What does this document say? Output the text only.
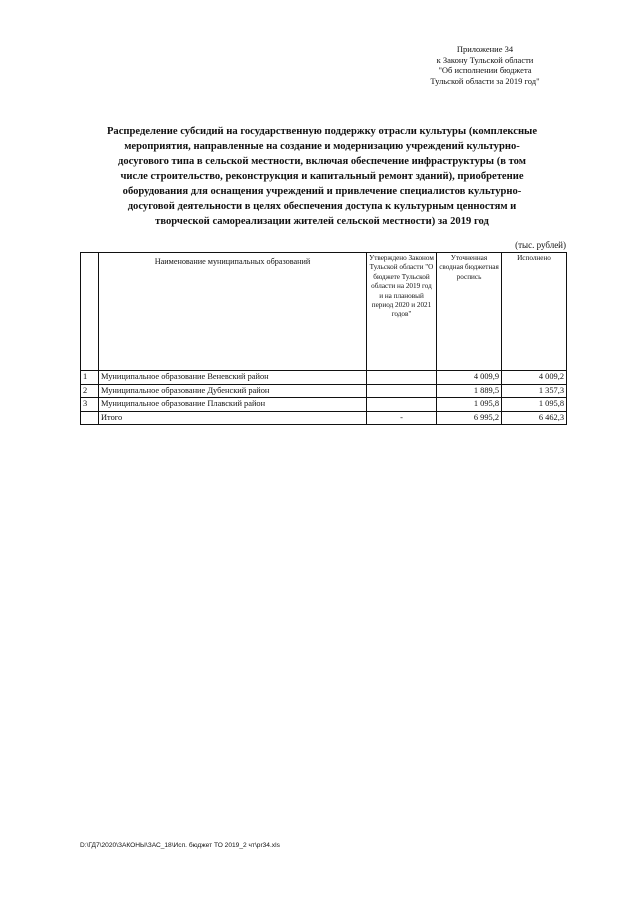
Приложение 34
к Закону Тульской области
"Об исполнении бюджета
Тульской области за 2019 год"
Распределение субсидий на государственную поддержку отрасли культуры (комплексные
мероприятия, направленные на создание и модернизацию учреждений культурно-
досугового типа в сельской местности, включая обеспечение инфраструктуры (в том
числе строительство, реконструкция и капитальный ремонт зданий), приобретение
оборудования для оснащения учреждений и привлечение специалистов культурно-
досуговой деятельности в целях обеспечения доступа к культурным ценностям и
творческой самореализации жителей сельской местности) за 2019 год
(тыс. рублей)
	Наименование муниципальных образований	Утверждено Законом Тульской области "О бюджете Тульской области на 2019 год и на плановый период 2020 и 2021 годов"	Уточненная сводная бюджетная роспись	Исполнено
1	Муниципальное образование Веневский район		4 009,9	4 009,2
2	Муниципальное образование Дубенский район		1 889,5	1 357,3
3	Муниципальное образование Плавский район		1 095,8	1 095,8
	Итого	-	6 995,2	6 462,3
D:\ГД7\2020\ЗАКОНЫ\ЗАС_18\Исп. бюджет ТО 2019_2 чт\pr34.xls
